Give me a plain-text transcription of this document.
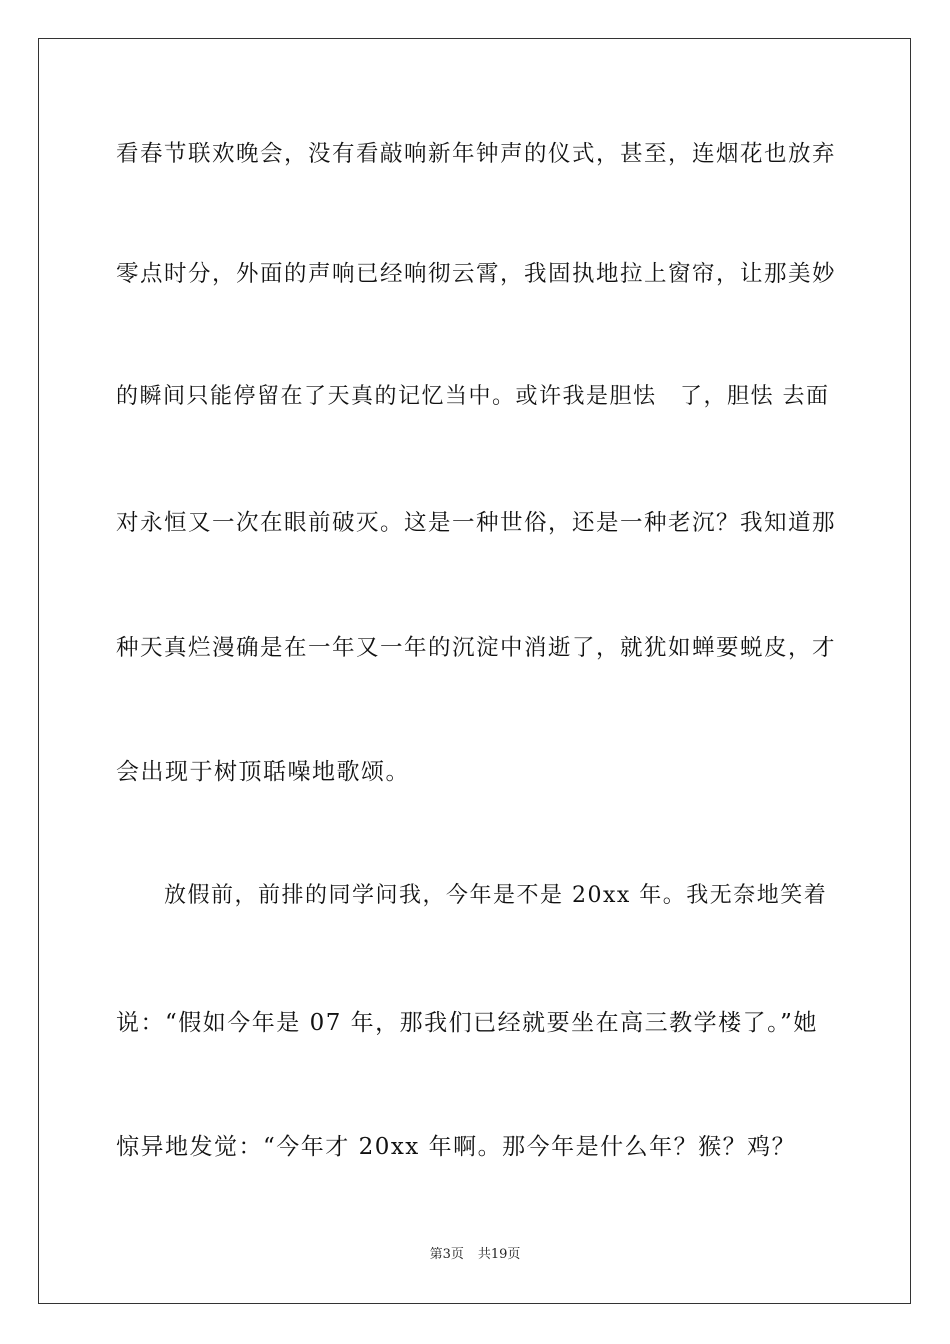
看春节联欢晚会，没有看敲响新年钟声的仪式，甚至，连烟花也放弃
零点时分，外面的声响已经响彻云霄，我固执地拉上窗帘，让那美妙
的瞬间只能停留在了天真的记忆当中。或许我是胆怯　了，胆怯 去面
对永恒又一次在眼前破灭。这是一种世俗，还是一种老沉？我知道那
种天真烂漫确是在一年又一年的沉淀中消逝了，就犹如蝉要蜕皮，才
会出现于树顶聒噪地歌颂。
放假前，前排的同学问我，今年是不是 20xx 年。我无奈地笑着
说：“假如今年是 07 年，那我们已经就要坐在高三教学楼了。”她
惊异地发觉：“今年才 20xx 年啊。那今年是什么年？猴？鸡？
第3页 共19页
